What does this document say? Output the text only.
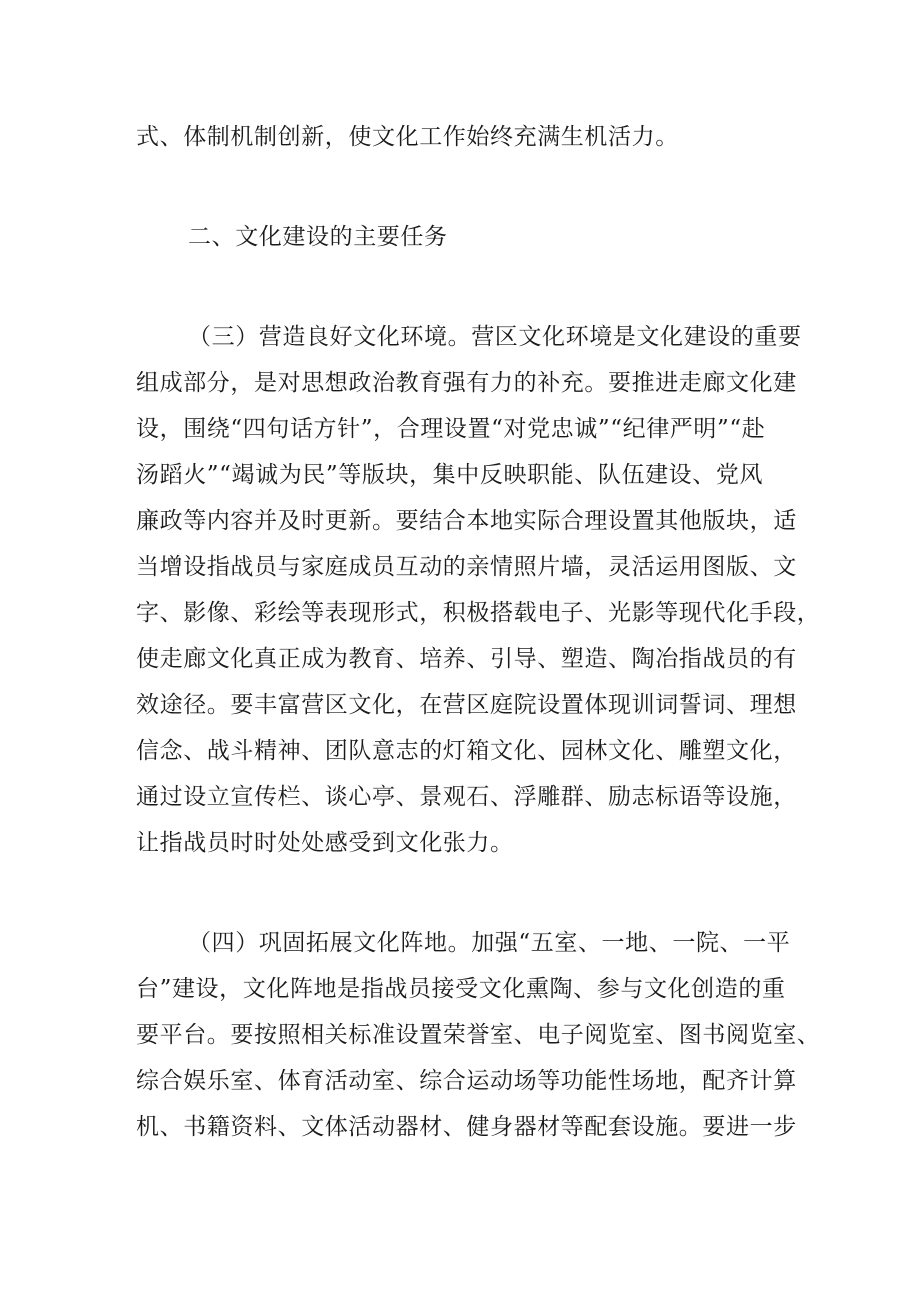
式、体制机制创新，使文化工作始终充满生机活力。
二、文化建设的主要任务
（三）营造良好文化环境。营区文化环境是文化建设的重要
组成部分，是对思想政治教育强有力的补充。要推进走廊文化建
设，围绕“四句话方针”，合理设置“对党忠诚”“纪律严明”“赴
汤蹈火”“竭诚为民”等版块，集中反映职能、队伍建设、党风
廉政等内容并及时更新。要结合本地实际合理设置其他版块，适
当增设指战员与家庭成员互动的亲情照片墙，灵活运用图版、文
字、影像、彩绘等表现形式，积极搭载电子、光影等现代化手段，
使走廊文化真正成为教育、培养、引导、塑造、陶冶指战员的有
效途径。要丰富营区文化，在营区庭院设置体现训词誓词、理想
信念、战斗精神、团队意志的灯箱文化、园林文化、雕塑文化，
通过设立宣传栏、谈心亭、景观石、浮雕群、励志标语等设施，
让指战员时时处处感受到文化张力。
（四）巩固拓展文化阵地。加强“五室、一地、一院、一平
台”建设，文化阵地是指战员接受文化熏陶、参与文化创造的重
要平台。要按照相关标准设置荣誉室、电子阅览室、图书阅览室、
综合娱乐室、体育活动室、综合运动场等功能性场地，配齐计算
机、书籍资料、文体活动器材、健身器材等配套设施。要进一步
